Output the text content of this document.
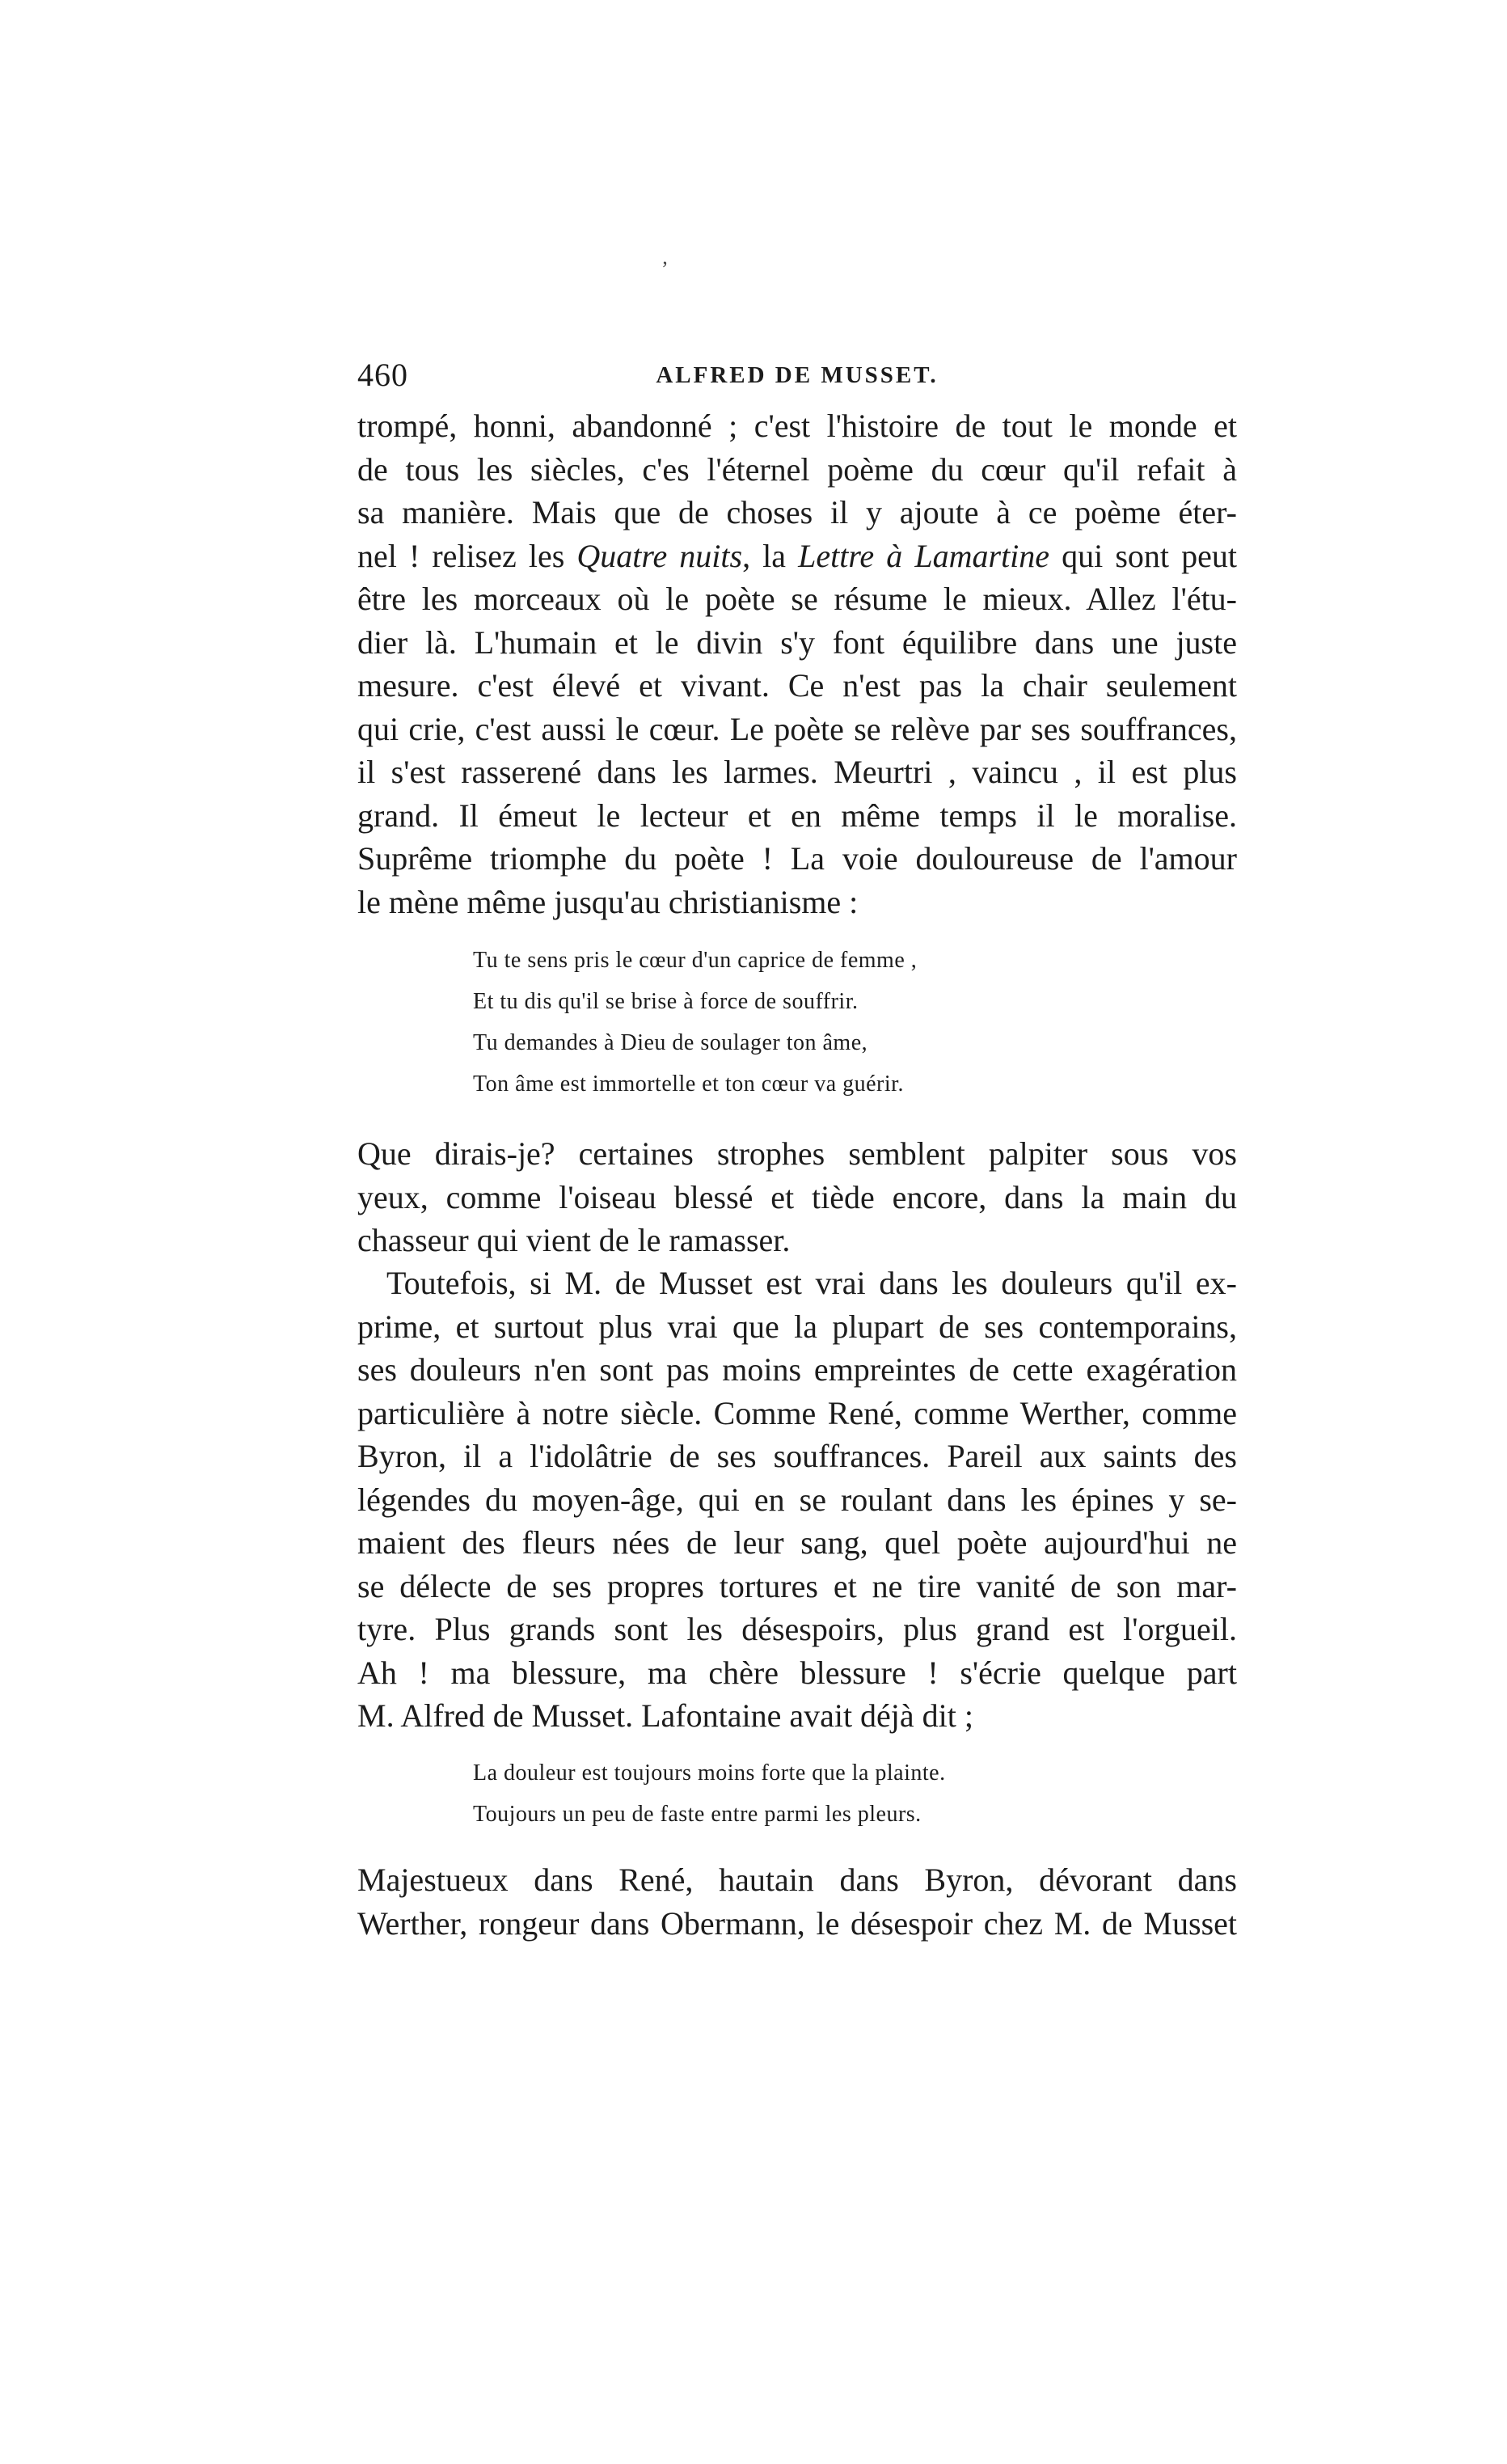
ʼ
460	ALFRED DE MUSSET.
trompé, honni, abandonné ; c'est l'histoire de tout le monde et
de tous les siècles, c'es l'éternel poème du cœur qu'il refait à
sa manière. Mais que de choses il y ajoute à ce poème éter-
nel ! relisez les Quatre nuits, la Lettre à Lamartine qui sont peut
être les morceaux où le poète se résume le mieux. Allez l'étu-
dier là. L'humain et le divin s'y font équilibre dans une juste
mesure. c'est élevé et vivant. Ce n'est pas la chair seulement
qui crie, c'est aussi le cœur. Le poète se relève par ses souffrances,
il s'est rasserené dans les larmes. Meurtri , vaincu , il est plus
grand. Il émeut le lecteur et en même temps il le moralise.
Suprême triomphe du poète ! La voie douloureuse de l'amour
le mène même jusqu'au christianisme :
Tu te sens pris le cœur d'un caprice de femme ,
Et tu dis qu'il se brise à force de souffrir.
Tu demandes à Dieu de soulager ton âme,
Ton âme est immortelle et ton cœur va guérir.
Que dirais-je? certaines strophes semblent palpiter sous vos
yeux, comme l'oiseau blessé et tiède encore, dans la main du
chasseur qui vient de le ramasser.
Toutefois, si M. de Musset est vrai dans les douleurs qu'il ex-
prime, et surtout plus vrai que la plupart de ses contemporains,
ses douleurs n'en sont pas moins empreintes de cette exagération
particulière à notre siècle. Comme René, comme Werther, comme
Byron, il a l'idolâtrie de ses souffrances. Pareil aux saints des
légendes du moyen-âge, qui en se roulant dans les épines y se-
maient des fleurs nées de leur sang, quel poète aujourd'hui ne
se délecte de ses propres tortures et ne tire vanité de son mar-
tyre. Plus grands sont les désespoirs, plus grand est l'orgueil.
Ah ! ma blessure, ma chère blessure ! s'écrie quelque part
M. Alfred de Musset. Lafontaine avait déjà dit ;
La douleur est toujours moins forte que la plainte.
Toujours un peu de faste entre parmi les pleurs.
Majestueux dans René, hautain dans Byron, dévorant dans
Werther, rongeur dans Obermann, le désespoir chez M. de Musset
